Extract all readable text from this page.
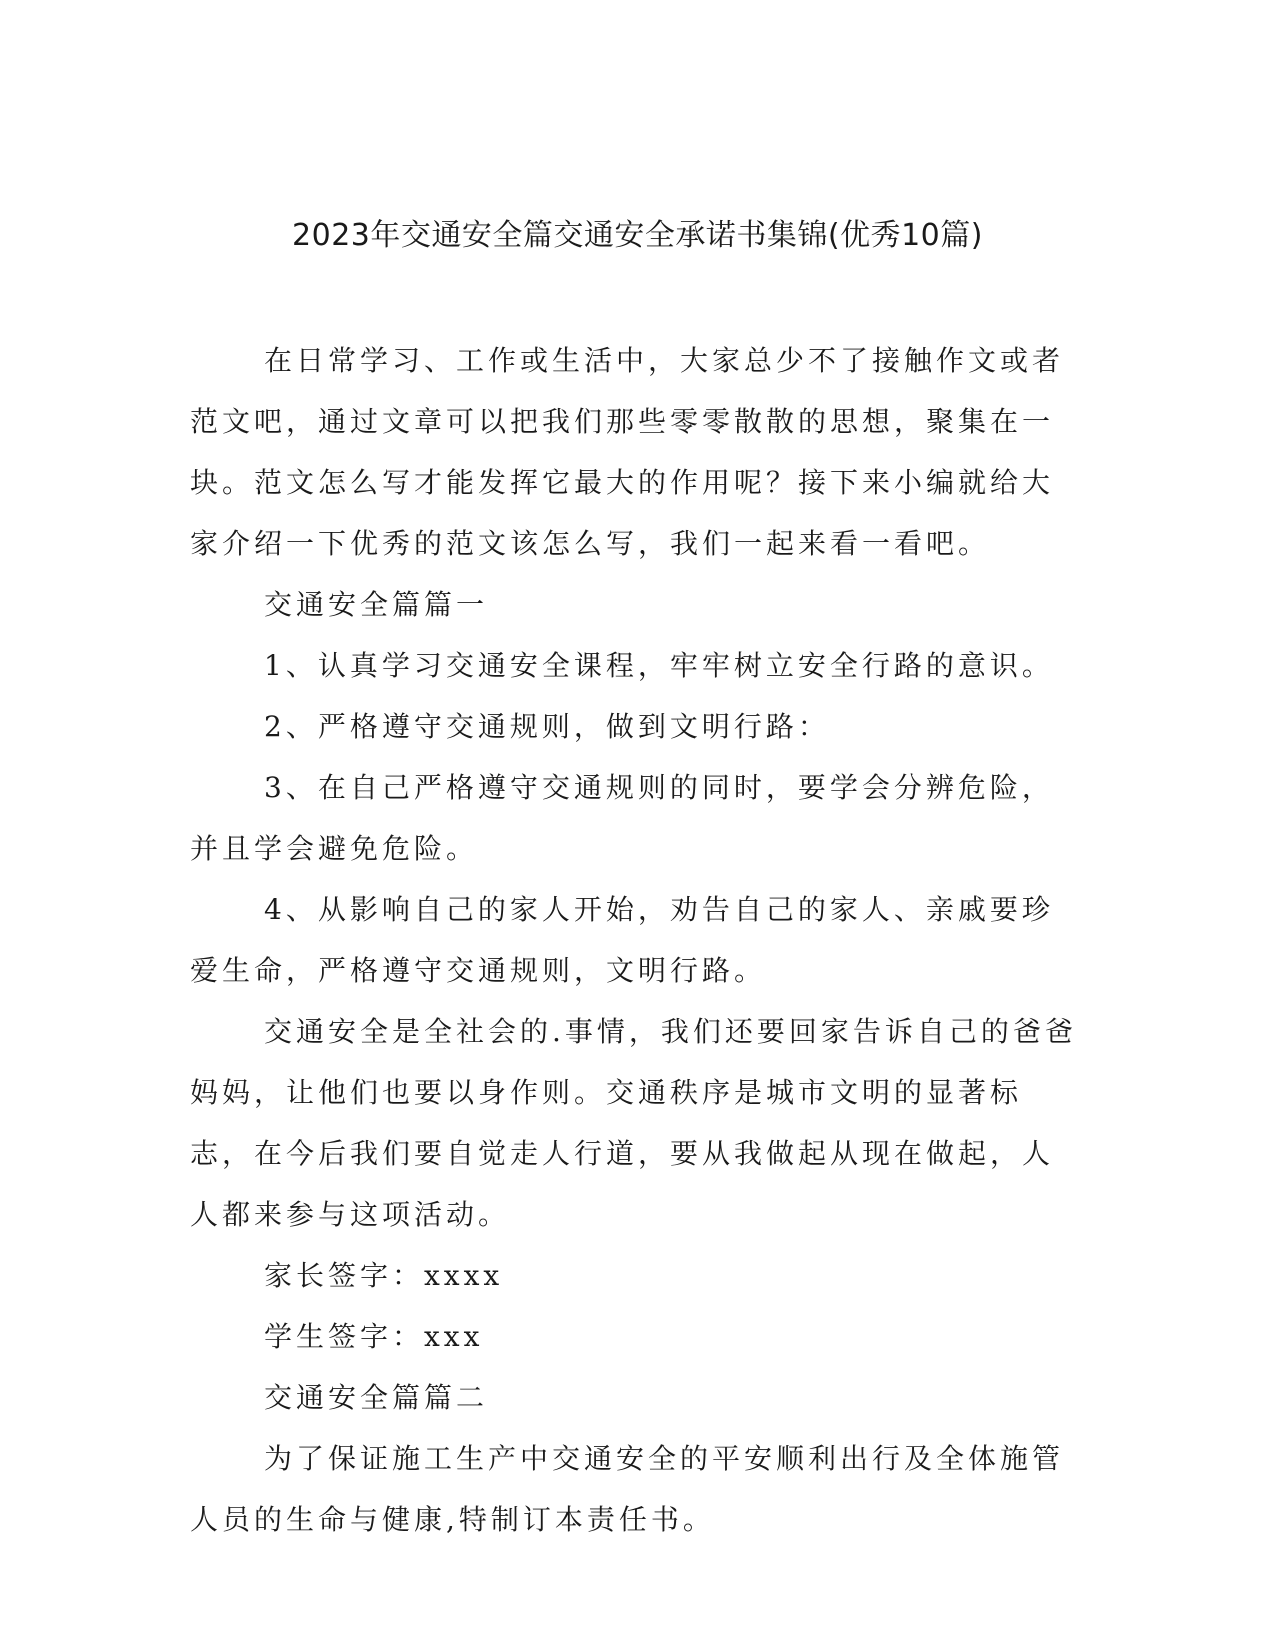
2023年交通安全篇交通安全承诺书集锦(优秀10篇)

在日常学习、工作或生活中，大家总少不了接触作文或者范文吧，通过文章可以把我们那些零零散散的思想，聚集在一块。范文怎么写才能发挥它最大的作用呢？接下来小编就给大家介绍一下优秀的范文该怎么写，我们一起来看一看吧。

交通安全篇篇一

1、认真学习交通安全课程，牢牢树立安全行路的意识。

2、严格遵守交通规则，做到文明行路：

3、在自己严格遵守交通规则的同时，要学会分辨危险，并且学会避免危险。

4、从影响自己的家人开始，劝告自己的家人、亲戚要珍爱生命，严格遵守交通规则，文明行路。

交通安全是全社会的.事情，我们还要回家告诉自己的爸爸妈妈，让他们也要以身作则。交通秩序是城市文明的显著标志，在今后我们要自觉走人行道，要从我做起从现在做起，人人都来参与这项活动。

家长签字：xxxx

学生签字：xxx

交通安全篇篇二

为了保证施工生产中交通安全的平安顺利出行及全体施管人员的生命与健康,特制订本责任书。
